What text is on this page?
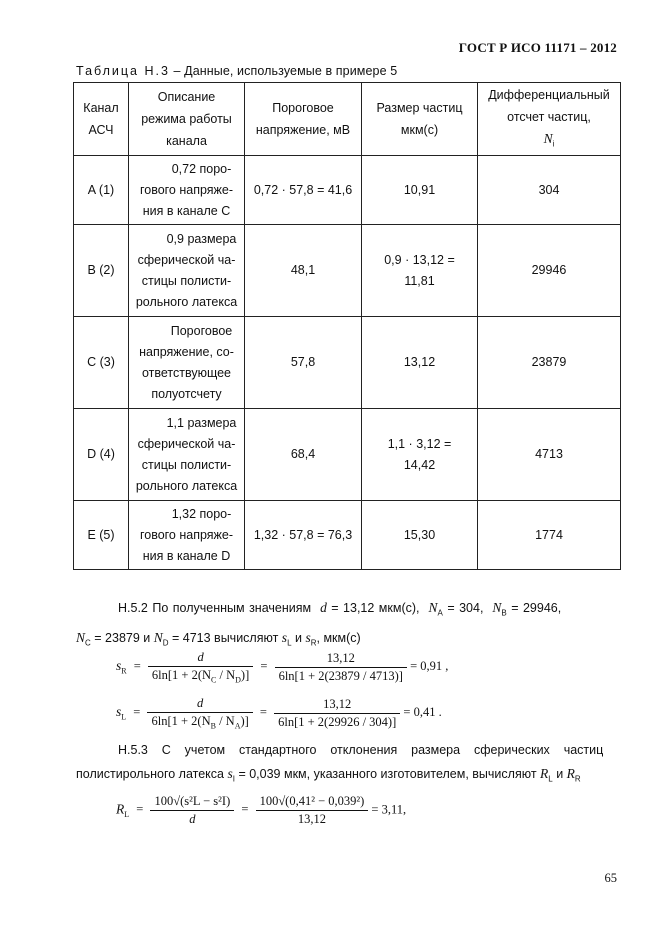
ГОСТ Р ИСО 11171 – 2012
Таблица Н.3 – Данные, используемые в примере 5
Канал АСЧ	Описание режима работы канала	Пороговое напряжение, мВ	Размер частиц мкм(с)	Дифференциальный отсчет частиц, $N_i$
A (1)	0,72 поро-
гового напряже-
ния в канале С	0,72 · 57,8 = 41,6	10,91	304
B (2)	0,9 размера
сферической ча-
стицы полисти-
рольного латекса	48,1	0,9 · 13,12 =
11,81	29946
C (3)	Пороговое
напряжение, со-
ответствующее
полуотсчету	57,8	13,12	23879
D (4)	1,1 размера
сферической ча-
стицы полисти-
рольного латекса	68,4	1,1 · 3,12 =
14,42	4713
E (5)	1,32 поро-
гового напряже-
ния в канале D	1,32 · 57,8 = 76,3	15,30	1774

Н.5.2 По полученным значениям d = 13,12 мкм(с), $N_A = 304$, $N_B = 29946$,

$N_C = 23879$ и $N_D = 4713$ вычисляют $s_L$ и $s_R$, мкм(с)

$s_R = \frac{d}{6\ln[1 + 2(N_C / N_D)]} = \frac{13,12}{6\ln[1 + 2(23879 / 4713)]} = 0,91$ ,
$s_L = \frac{d}{6\ln[1 + 2(N_B / N_A)]} = \frac{13,12}{6\ln[1 + 2(29926 / 304)]} = 0,41$ .

Н.5.3    С    учетом    стандартного    отклонения    размера    сферических    частиц

полистирольного латекса $s_I = 0,039$ мкм, указанного изготовителем, вычисляют $R_L$ и $R_R$

$R_L = \frac{\text{100√(s²L − s²I)}}{d} = \frac{\text{100√(0,41² − 0,039²)}}{13,12} = 3,11$,
65
